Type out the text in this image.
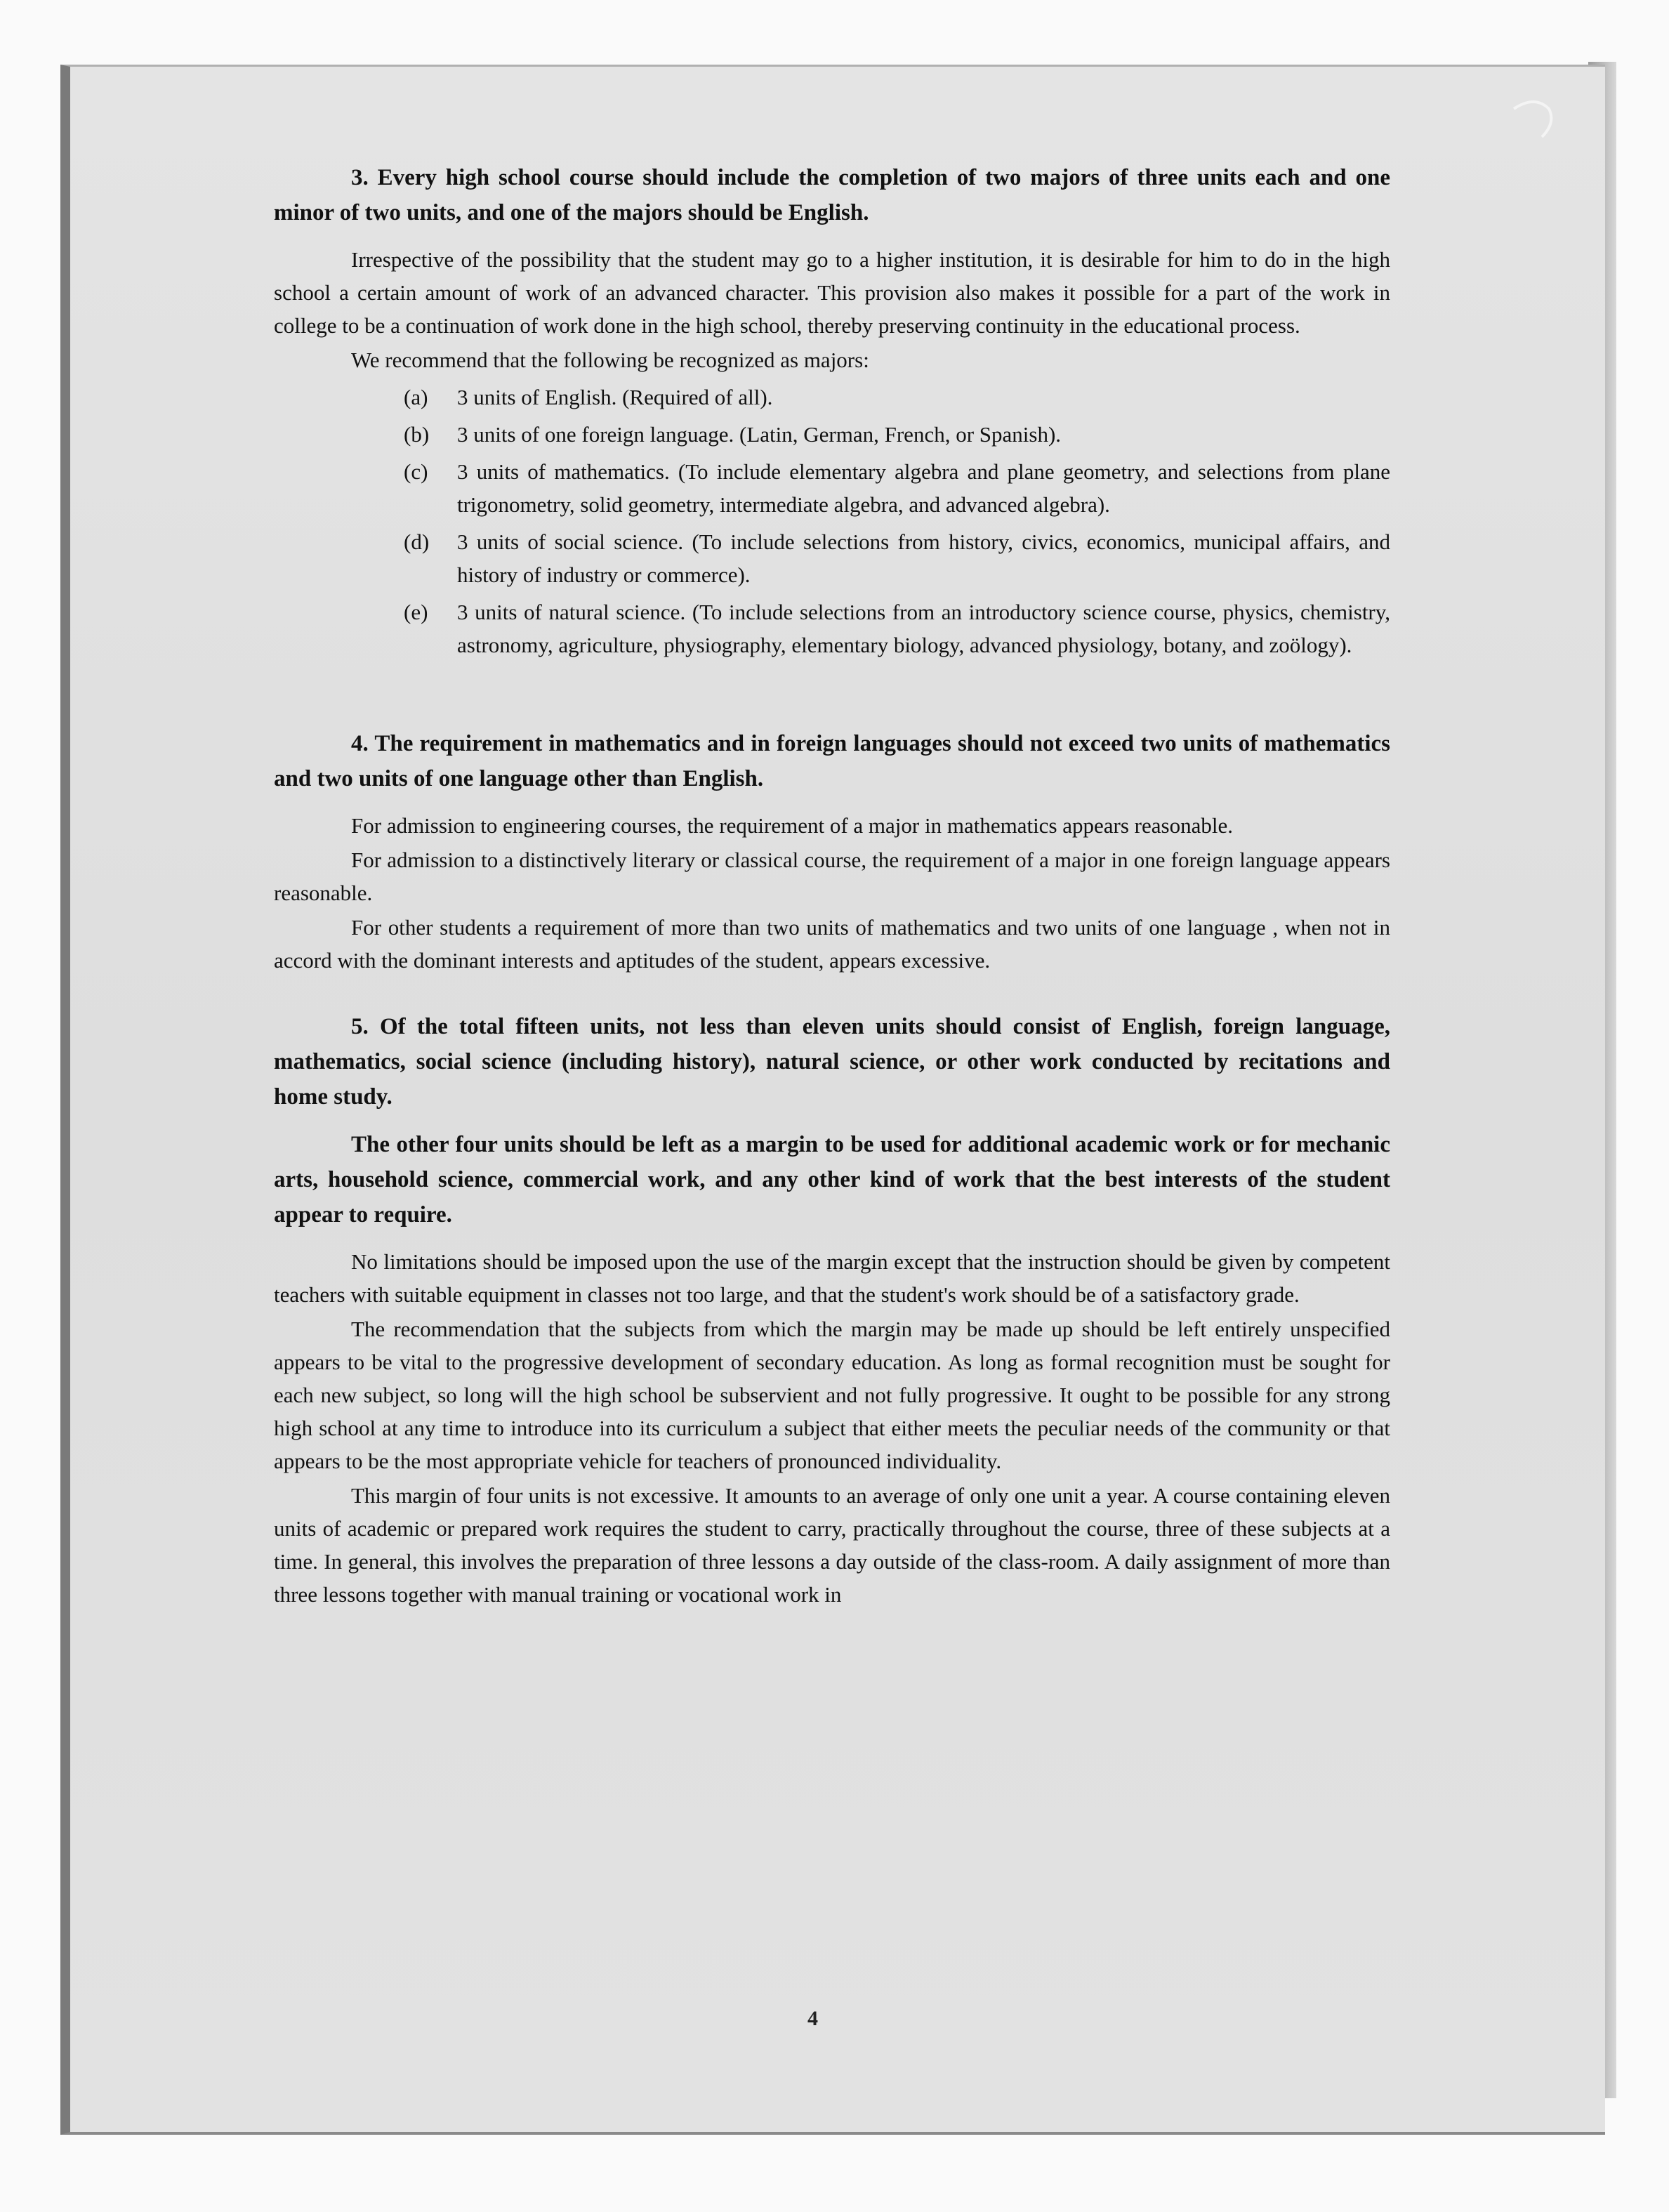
3. Every high school course should include the completion of two majors of three units each and one minor of two units, and one of the majors should be English.

Irrespective of the possibility that the student may go to a higher institution, it is desirable for him to do in the high school a certain amount of work of an advanced character. This provision also makes it possible for a part of the work in college to be a continuation of work done in the high school, thereby preserving continuity in the educational process.

We recommend that the following be recognized as majors:

(a)	3 units of English. (Required of all).
(b)	3 units of one foreign language. (Latin, German, French, or Spanish).
(c)	3 units of mathematics. (To include elementary algebra and plane geometry, and selections from plane trigonometry, solid geometry, intermediate algebra, and advanced algebra).
(d)	3 units of social science. (To include selections from history, civics, economics, municipal affairs, and history of industry or commerce).
(e)	3 units of natural science. (To include selections from an introductory science course, physics, chemistry, astronomy, agriculture, physiography, elementary biology, advanced physiology, botany, and zoölogy).

4. The requirement in mathematics and in foreign languages should not exceed two units of mathematics and two units of one language other than English.

For admission to engineering courses, the requirement of a major in mathematics appears reasonable.

For admission to a distinctively literary or classical course, the requirement of a major in one foreign language appears reasonable.

For other students a requirement of more than two units of mathematics and two units of one language , when not in accord with the dominant interests and aptitudes of the student, appears excessive.

5. Of the total fifteen units, not less than eleven units should consist of English, foreign language, mathematics, social science (including history), natural science, or other work conducted by recitations and home study.

The other four units should be left as a margin to be used for additional academic work or for mechanic arts, household science, commercial work, and any other kind of work that the best interests of the student appear to require.

No limitations should be imposed upon the use of the margin except that the instruction should be given by competent teachers with suitable equipment in classes not too large, and that the student's work should be of a satisfactory grade.

The recommendation that the subjects from which the margin may be made up should be left entirely unspecified appears to be vital to the progressive development of secondary education. As long as formal recognition must be sought for each new subject, so long will the high school be subservient and not fully progressive. It ought to be possible for any strong high school at any time to introduce into its curriculum a subject that either meets the peculiar needs of the community or that appears to be the most appropriate vehicle for teachers of pronounced individuality.

This margin of four units is not excessive. It amounts to an average of only one unit a year. A course containing eleven units of academic or prepared work requires the student to carry, practically throughout the course, three of these subjects at a time. In general, this involves the preparation of three lessons a day outside of the class-room. A daily assignment of more than three lessons together with manual training or vocational work in

4
